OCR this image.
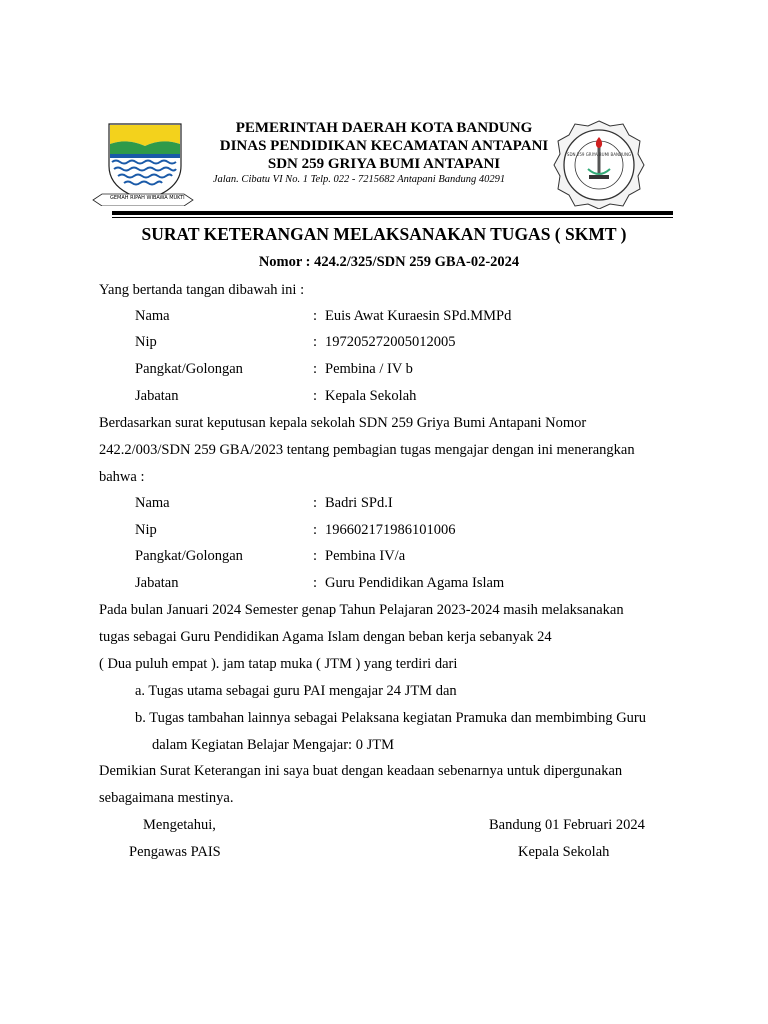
GEMAH RIPAH WIBAWA MUKTI
PEMERINTAH DAERAH KOTA BANDUNG
DINAS PENDIDIKAN KECAMATAN ANTAPANI
SDN 259 GRIYA BUMI ANTAPANI
Jalan. Cibatu VI No. 1 Telp. 022 - 7215682 Antapani Bandung 40291
SDN 259 GRIYA BUMI BANDUNG
SURAT KETERANGAN MELAKSANAKAN TUGAS ( SKMT )
Nomor : 424.2/325/SDN 259 GBA-02-2024
Yang bertanda tangan dibawah ini :
Nama	: Euis Awat Kuraesin SPd.MMPd
Nip	: 197205272005012005
Pangkat/Golongan	: Pembina / IV b
Jabatan	: Kepala Sekolah
Berdasarkan surat keputusan kepala sekolah SDN 259 Griya Bumi Antapani Nomor
242.2/003/SDN 259 GBA/2023 tentang pembagian tugas mengajar dengan ini menerangkan
bahwa :
Nama	: Badri SPd.I
Nip	: 196602171986101006
Pangkat/Golongan	: Pembina IV/a
Jabatan	: Guru Pendidikan Agama Islam
Pada bulan Januari 2024 Semester genap Tahun Pelajaran 2023-2024 masih melaksanakan
tugas sebagai Guru Pendidikan Agama Islam dengan beban kerja sebanyak 24
( Dua puluh empat ). jam tatap muka ( JTM ) yang terdiri dari
a. Tugas utama sebagai guru PAI mengajar 24 JTM dan
b. Tugas tambahan lainnya sebagai Pelaksana kegiatan Pramuka dan membimbing Guru
dalam Kegiatan Belajar Mengajar: 0 JTM
Demikian Surat Keterangan ini saya buat dengan keadaan sebenarnya untuk dipergunakan
sebagaimana mestinya.
Mengetahui,
Pengawas PAIS
Bandung 01 Februari 2024
Kepala Sekolah
